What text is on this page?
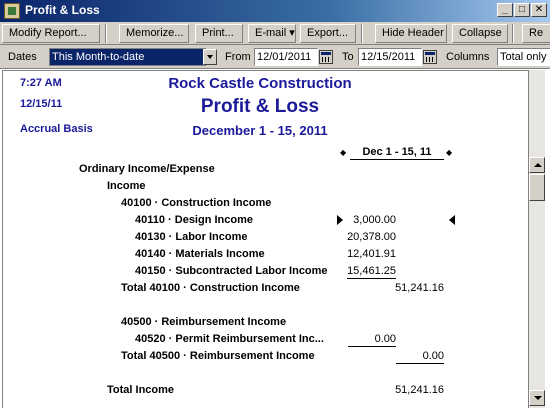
Profit & Loss	_	□ ✕
Modify Report...	Memorize...	Print...	E-mail ▾	Export...	Hide Header	Collapse	Re
Dates This Month-to-date	From 12/01/2011	To 12/15/2011	Columns Total only
7:27 AM
12/15/11
Accrual Basis
Rock Castle Construction
Profit & Loss
December 1 - 15, 2011
◆	Dec 1 - 15, 11	◆
Ordinary Income/Expense
Income
40100 · Construction Income
40110 · Design Income	3,000.00
40130 · Labor Income	20,378.00
40140 · Materials Income	12,401.91
40150 · Subcontracted Labor Income	15,461.25
Total 40100 · Construction Income	51,241.16
40500 · Reimbursement Income
40520 · Permit Reimbursement Inc...	0.00
Total 40500 · Reimbursement Income	0.00
Total Income	51,241.16
